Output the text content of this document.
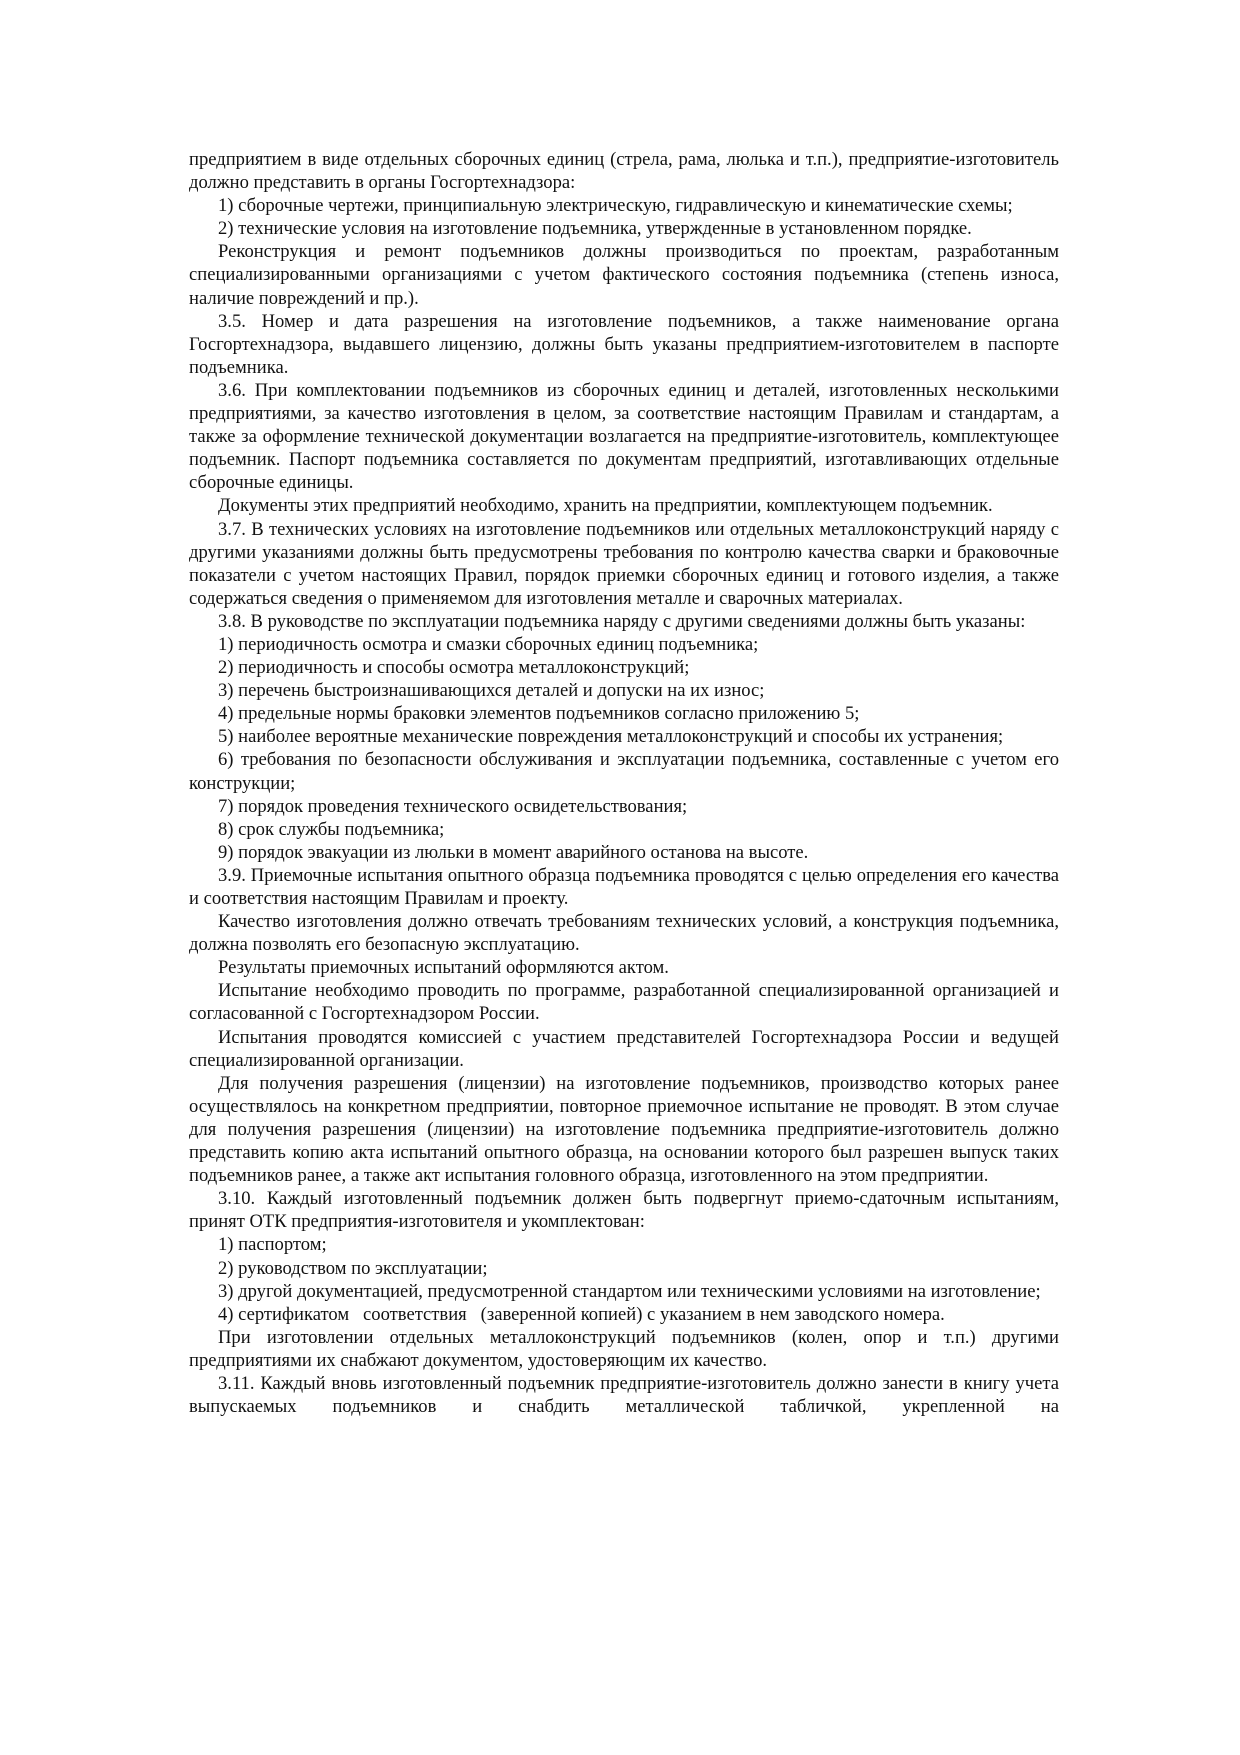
предприятием в виде отдельных сборочных единиц (стрела, рама, люлька и т.п.), предприятие-изготовитель должно представить в органы Госгортехнадзора:

1) сборочные чертежи, принципиальную электрическую, гидравлическую и кинематические схемы;

2) технические условия на изготовление подъемника, утвержденные в установленном порядке.

Реконструкция и ремонт подъемников должны производиться по проектам, разработанным специализированными организациями с учетом фактического состояния подъемника (степень износа, наличие повреждений и пр.).

3.5. Номер и дата разрешения на изготовление подъемников, а также наименование органа Госгортехнадзора, выдавшего лицензию, должны быть указаны предприятием-изготовителем в паспорте подъемника.

3.6. При комплектовании подъемников из сборочных единиц и деталей, изготовленных несколькими предприятиями, за качество изготовления в целом, за соответствие настоящим Правилам и стандартам, а также за оформление технической документации возлагается на предприятие-изготовитель, комплектующее подъемник. Паспорт подъемника составляется по документам предприятий, изготавливающих отдельные сборочные единицы.

Документы этих предприятий необходимо, хранить на предприятии, комплектующем подъемник.

3.7. В технических условиях на изготовление подъемников или отдельных металлоконструкций наряду с другими указаниями должны быть предусмотрены требования по контролю качества сварки и браковочные показатели с учетом настоящих Правил, порядок приемки сборочных единиц и готового изделия, а также содержаться сведения о применяемом для изготовления металле и сварочных материалах.

3.8. В руководстве по эксплуатации подъемника наряду с другими сведениями должны быть указаны:

1) периодичность осмотра и смазки сборочных единиц подъемника;

2) периодичность и способы осмотра металлоконструкций;

3) перечень быстроизнашивающихся деталей и допуски на их износ;

4) предельные нормы браковки элементов подъемников согласно приложению 5;

5) наиболее вероятные механические повреждения металлоконструкций и способы их устранения;

6) требования по безопасности обслуживания и эксплуатации подъемника, составленные с учетом его конструкции;

7) порядок проведения технического освидетельствования;

8) срок службы подъемника;

9) порядок эвакуации из люльки в момент аварийного останова на высоте.

3.9. Приемочные испытания опытного образца подъемника проводятся с целью определения его качества и соответствия настоящим Правилам и проекту.

Качество изготовления должно отвечать требованиям технических условий, а конструкция подъемника, должна позволять его безопасную эксплуатацию.

Результаты приемочных испытаний оформляются актом.

Испытание необходимо проводить по программе, разработанной специализированной организацией и согласованной с Госгортехнадзором России.

Испытания проводятся комиссией с участием представителей Госгортехнадзора России и ведущей специализированной организации.

Для получения разрешения (лицензии) на изготовление подъемников, производство которых ранее осуществлялось на конкретном предприятии, повторное приемочное испытание не проводят. В этом случае для получения разрешения (лицензии) на изготовление подъемника предприятие-изготовитель должно представить копию акта испытаний опытного образца, на основании которого был разрешен выпуск таких подъемников ранее, а также акт испытания головного образца, изготовленного на этом предприятии.

3.10. Каждый изготовленный подъемник должен быть подвергнут приемо-сдаточным испытаниям, принят ОТК предприятия-изготовителя и укомплектован:

1) паспортом;

2) руководством по эксплуатации;

3) другой документацией, предусмотренной стандартом или техническими условиями на изготовление;

4) сертификатом   соответствия   (заверенной копией) с указанием в нем заводского номера.

При изготовлении отдельных металлоконструкций подъемников (колен, опор и т.п.) другими предприятиями их снабжают документом, удостоверяющим их качество.

3.11. Каждый вновь изготовленный подъемник предприятие-изготовитель должно занести в книгу учета выпускаемых подъемников и снабдить металлической табличкой, укрепленной на
